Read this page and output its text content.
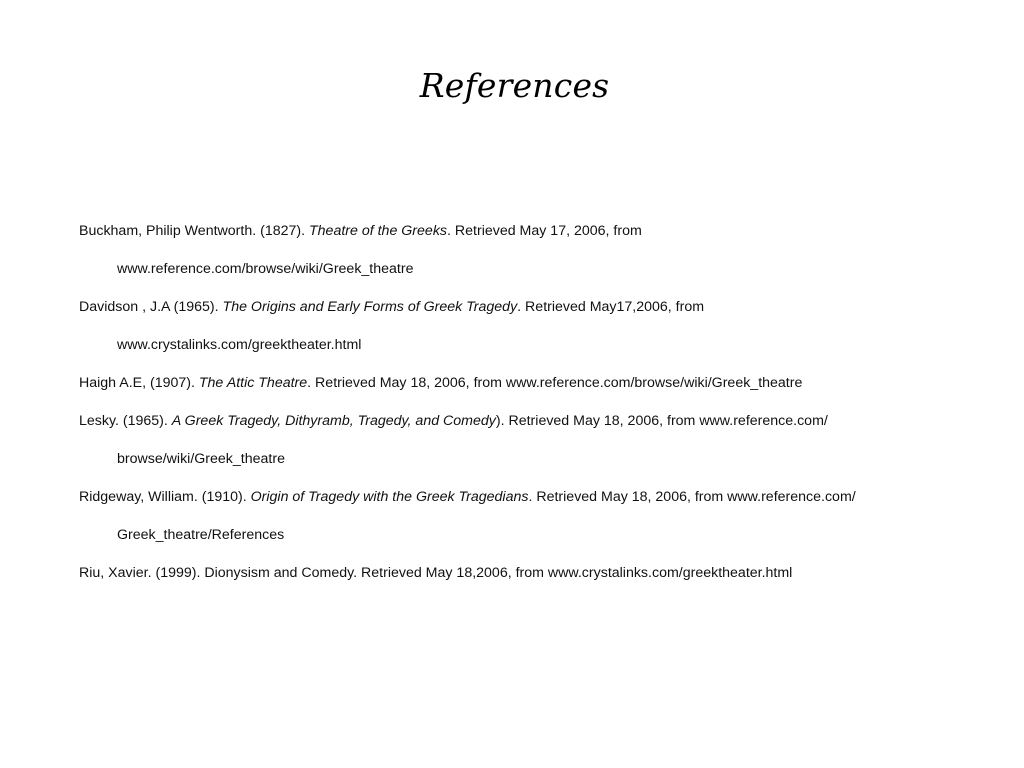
References
Buckham, Philip Wentworth. (1827). Theatre of the Greeks. Retrieved May 17, 2006, from
www.reference.com/browse/wiki/Greek_theatre
Davidson , J.A (1965). The Origins and Early Forms of Greek Tragedy. Retrieved May17,2006, from
www.crystalinks.com/greektheater.html
Haigh A.E, (1907). The Attic Theatre. Retrieved May 18, 2006, from www.reference.com/browse/wiki/Greek_theatre
Lesky. (1965). A Greek Tragedy, Dithyramb, Tragedy, and Comedy). Retrieved May 18, 2006, from www.reference.com/
browse/wiki/Greek_theatre
Ridgeway, William. (1910). Origin of Tragedy with the Greek Tragedians. Retrieved May 18, 2006, from www.reference.com/
Greek_theatre/References
Riu, Xavier. (1999). Dionysism and Comedy. Retrieved May 18,2006, from www.crystalinks.com/greektheater.html
